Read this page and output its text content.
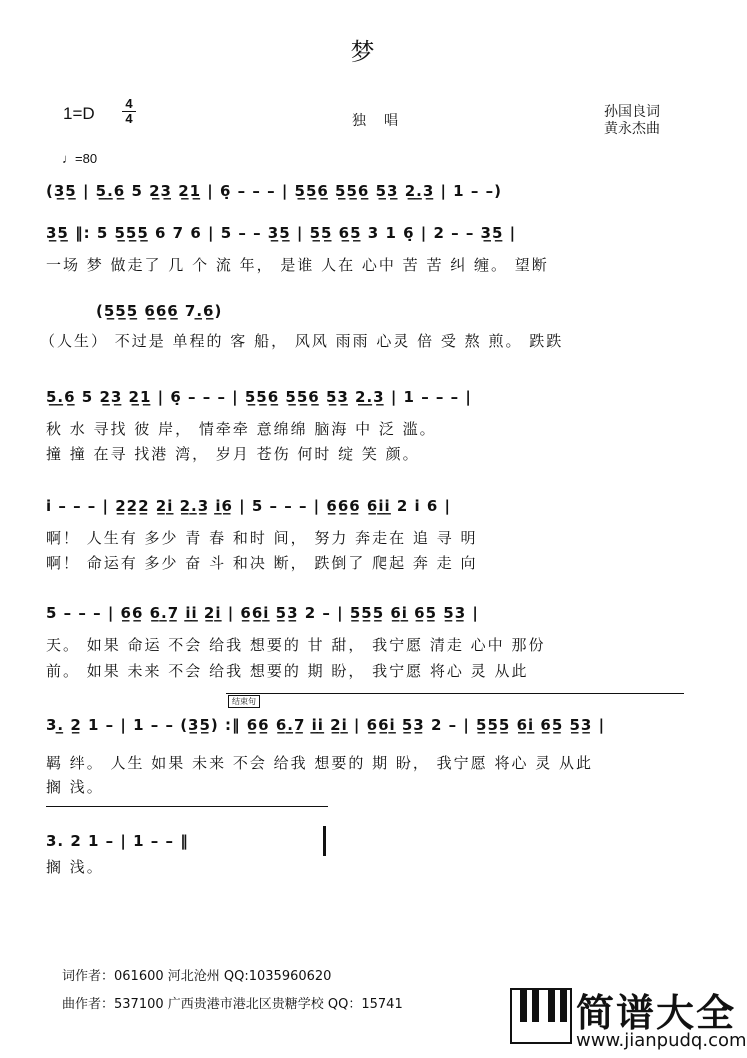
梦
1=D
4
4	独唱
孙国良词
黄永杰曲
♩=80
(3̲5̲ | 5̲.̲6̲ 5 2̲3̲ 2̲1̲ | 6̣ – – – | 5̲5̲6̲ 5̲5̲6̲ 5̲3̲ 2̲.̲3̲ | 1 – –)
3̲5̲ ‖: 5 5̲5̲5̲ 6 7 6 | 5 – – 3̲5̲ | 5̲5̲ 6̲5̲ 3 1 6̣ | 2 – – 3̲5̲ |
一场 梦 做走了 几 个 流 年， 是谁 人在 心中 苦 苦 纠 缠。 望断
(5̲5̲5̲ 6̲6̲6̲ 7.̲6̲)
（人生） 不过是 单程的 客 船， 风风 雨雨 心灵 倍 受 熬 煎。 跌跌
5̲.̲6̲ 5 2̲3̲ 2̲1̲ | 6̣ – – – | 5̲5̲6̲ 5̲5̲6̲ 5̲3̲ 2̲.̲3̲ | 1 – – – |
秋 水 寻找 彼 岸， 情牵牵 意绵绵 脑海 中 泛 滥。
撞 撞 在寻 找港 湾， 岁月 苍伤 何时 绽 笑 颜。
i – – – | 2̲2̲2̲ 2̲i̲ 2̲.̲3̲ i̲6̲ | 5 – – – | 6̲6̲6̲ 6̲i̲i̲ 2 i 6 |
啊！ 人生有 多少 青 春 和时 间， 努力 奔走在 追 寻 明
啊！ 命运有 多少 奋 斗 和决 断， 跌倒了 爬起 奔 走 向
5 – – – | 6̲6̲ 6̲.̲7̲ i̲i̲ 2̲i̲ | 6̲6̲i̲ 5̲3̲ 2 – | 5̲5̲5̲ 6̲i̲ 6̲5̲ 5̲3̲ |
天。 如果 命运 不会 给我 想要的 甘 甜， 我宁愿 清走 心中 那份
前。 如果 未来 不会 给我 想要的 期 盼， 我宁愿 将心 灵 从此
结束句
3.̲ 2̲ 1 – | 1 – – (3̲5̲) :‖ 6̲6̲ 6̲.̲7̲ i̲i̲ 2̲i̲ | 6̲6̲i̲ 5̲3̲ 2 – | 5̲5̲5̲ 6̲i̲ 6̲5̲ 5̲3̲ |
羁 绊。 人生 如果 未来 不会 给我 想要的 期 盼， 我宁愿 将心 灵 从此
搁 浅。
3. 2 1 – | 1 – – ‖
搁 浅。
词作者：061600 河北沧州 QQ:1035960620
曲作者：537100 广西贵港市港北区贵糖学校 QQ：15741	简谱大全
www.jianpudq.com
